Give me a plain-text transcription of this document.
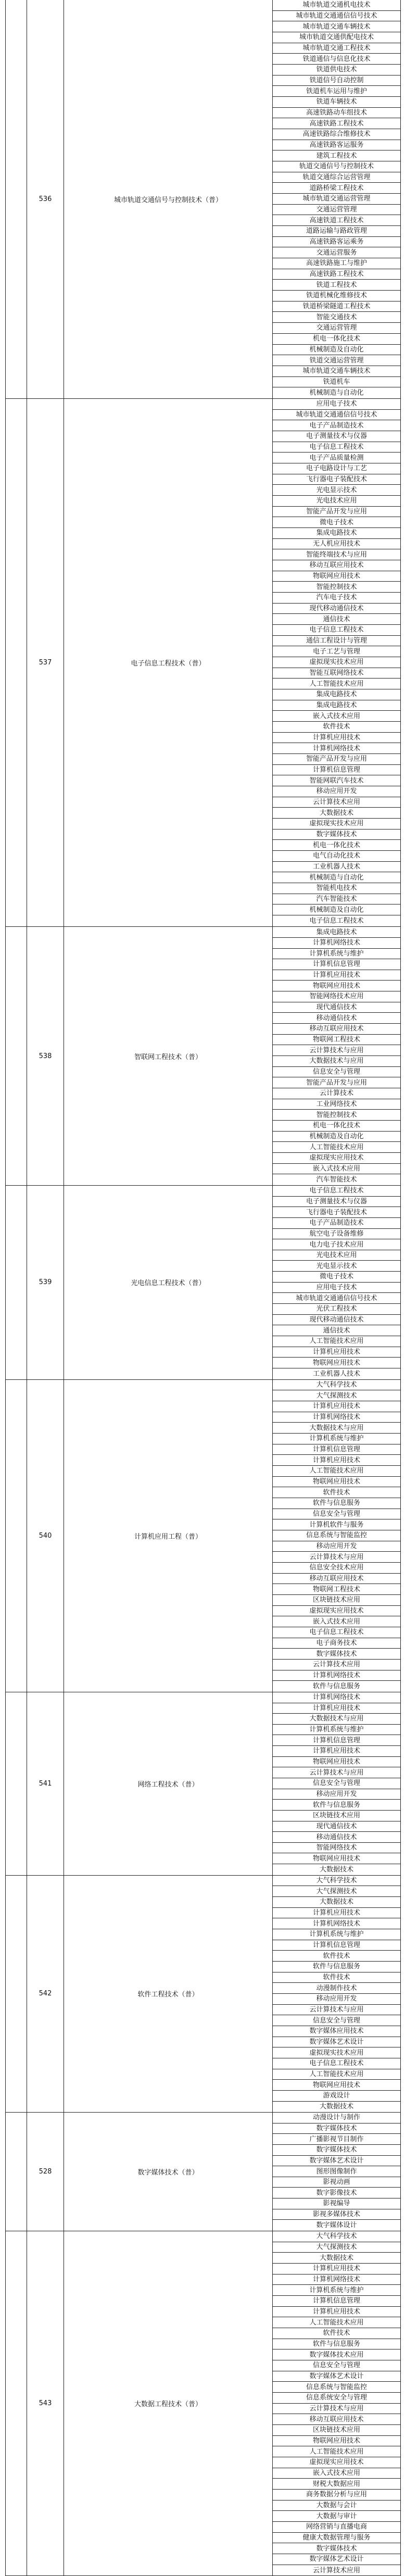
536	城市轨道交通信号与控制技术（普）
城市轨道交通机电技术
城市轨道交通通信信号技术
城市轨道交通车辆技术
城市轨道交通供配电技术
城市轨道交通工程技术
铁道通信与信息化技术
铁道供电技术
铁道信号自动控制
铁道机车运用与维护
铁道车辆技术
高速铁路动车组技术
高速铁路工程技术
高速铁路综合维修技术
高速铁路客运服务
建筑工程技术
轨道交通信号与控制技术
轨道交通综合运营管理
道路桥梁工程技术
城市轨道交通运营管理
交通运营管理
高速铁道工程技术
道路运输与路政管理
高速铁路客运乘务
交通运营服务
高速铁路施工与维护
高速铁路工程技术
铁道工程技术
铁道机械化维修技术
铁道桥梁隧道工程技术
智能交通技术
交通运营管理
机电一体化技术
机械制造及自动化
铁道交通运营管理
城市轨道交通车辆技术
铁道机车
机械制造与自动化
537	电子信息工程技术（普）
应用电子技术
城市轨道交通通信信号技术
电子产品制造技术
电子测量技术与仪器
电子信息工程技术
电子产品质量检测
电子电路设计与工艺
飞行器电子装配技术
光电显示技术
光电技术应用
智能产品开发与应用
微电子技术
集成电路技术
无人机应用技术
智能终端技术与应用
移动互联应用技术
物联网应用技术
智能控制技术
汽车电子技术
现代移动通信技术
通信技术
电子信息工程技术
通信工程设计与管理
电子工艺与管理
虚拟现实技术应用
智能互联网络技术
人工智能技术应用
集成电路技术
集成电路技术
嵌入式技术应用
软件技术
计算机应用技术
计算机网络技术
智能产品开发与应用
计算机信息管理
智能网联汽车技术
移动应用开发
云计算技术应用
大数据技术
虚拟现实技术应用
数字媒体技术
机电一体化技术
电气自动化技术
工业机器人技术
机械制造与自动化
智能机电技术
汽车智能技术
机械制造及自动化
电子信息工程技术
538	智联网工程技术（普）
集成电路技术
计算机网络技术
计算机系统与维护
计算机信息管理
计算机应用技术
物联网应用技术
智能网络技术应用
现代通信技术
移动通信技术
移动互联应用技术
物联网工程技术
云计算技术与应用
大数据技术与应用
信息安全与管理
智能产品开发与应用
云计算技术
工业网络技术
智能控制技术
机电一体化技术
机械制造及自动化
人工智能技术应用
虚拟现实应用技术
嵌入式技术应用
汽车智能技术
539	光电信息工程技术（普）
电子信息工程技术
电子测量技术与仪器
飞行器电子装配技术
电子产品制造技术
航空电子设备维修
电力电子技术应用
光电技术应用
光电显示技术
微电子技术
应用电子技术
城市轨道交通通信信号技术
光伏工程技术
现代移动通信技术
通信技术
人工智能技术应用
计算机应用技术
物联网应用技术
工业机器人技术
540	计算机应用工程（普）
大气科学技术
大气探测技术
计算机应用技术
计算机网络技术
大数据技术与应用
计算机系统与维护
计算机信息管理
计算机应用技术
人工智能技术应用
物联网应用技术
软件技术
软件与信息服务
信息安全与管理
计算机软件与服务
信息系统与智能监控
移动应用开发
云计算技术与应用
信息安全技术应用
移动互联应用技术
物联网工程技术
区块链技术应用
虚拟现实应用技术
嵌入式技术应用
电子信息工程技术
电子商务技术
数字媒体技术
云计算技术应用
计算机网络技术
软件与信息服务
541	网络工程技术（普）
计算机网络技术
计算机应用技术
大数据技术与应用
计算机系统与维护
计算机信息管理
计算机应用技术
物联网应用技术
云计算技术与应用
信息安全与管理
移动应用开发
软件与信息服务
区块链技术应用
现代通信技术
移动通信技术
智能网络技术
物联网应用技术
大数据技术
542	软件工程技术（普）
大气科学技术
大气探测技术
大数据技术
计算机应用技术
计算机网络技术
计算机系统与维护
计算机信息管理
软件技术
软件与信息服务
软件技术
动漫制作技术
移动应用开发
云计算技术与应用
信息安全与管理
数字媒体应用技术
数字媒体艺术设计
虚拟现实技术应用
电子信息工程技术
人工智能技术应用
物联网应用技术
游戏设计
大数据技术
528	数字媒体技术（普）
动漫设计与制作
数字媒体技术
广播影视节目制作
数字媒体技术
数字媒体艺术设计
图形图像制作
影视动画
数字影像技术
影视编导
影视多媒体技术
数字媒体设计
543	大数据工程技术（普）
大气科学技术
大气探测技术
大数据技术
计算机应用技术
计算机网络技术
计算机系统与维护
计算机信息管理
计算机应用技术
人工智能技术应用
软件技术
软件与信息服务
数字媒体技术应用
信息安全与管理
数字媒体艺术设计
信息系统与智能监控
信息系统安全与管理
云计算技术与应用
移动互联应用技术
区块链技术应用
物联网应用技术
人工智能技术应用
虚拟现实应用技术
嵌入式技术应用
财税大数据应用
商务数据分析与应用
大数据与会计
大数据与审计
网络营销与直播电商
健康大数据管理与服务
数字媒体技术
数字媒体艺术设计
云计算技术应用
